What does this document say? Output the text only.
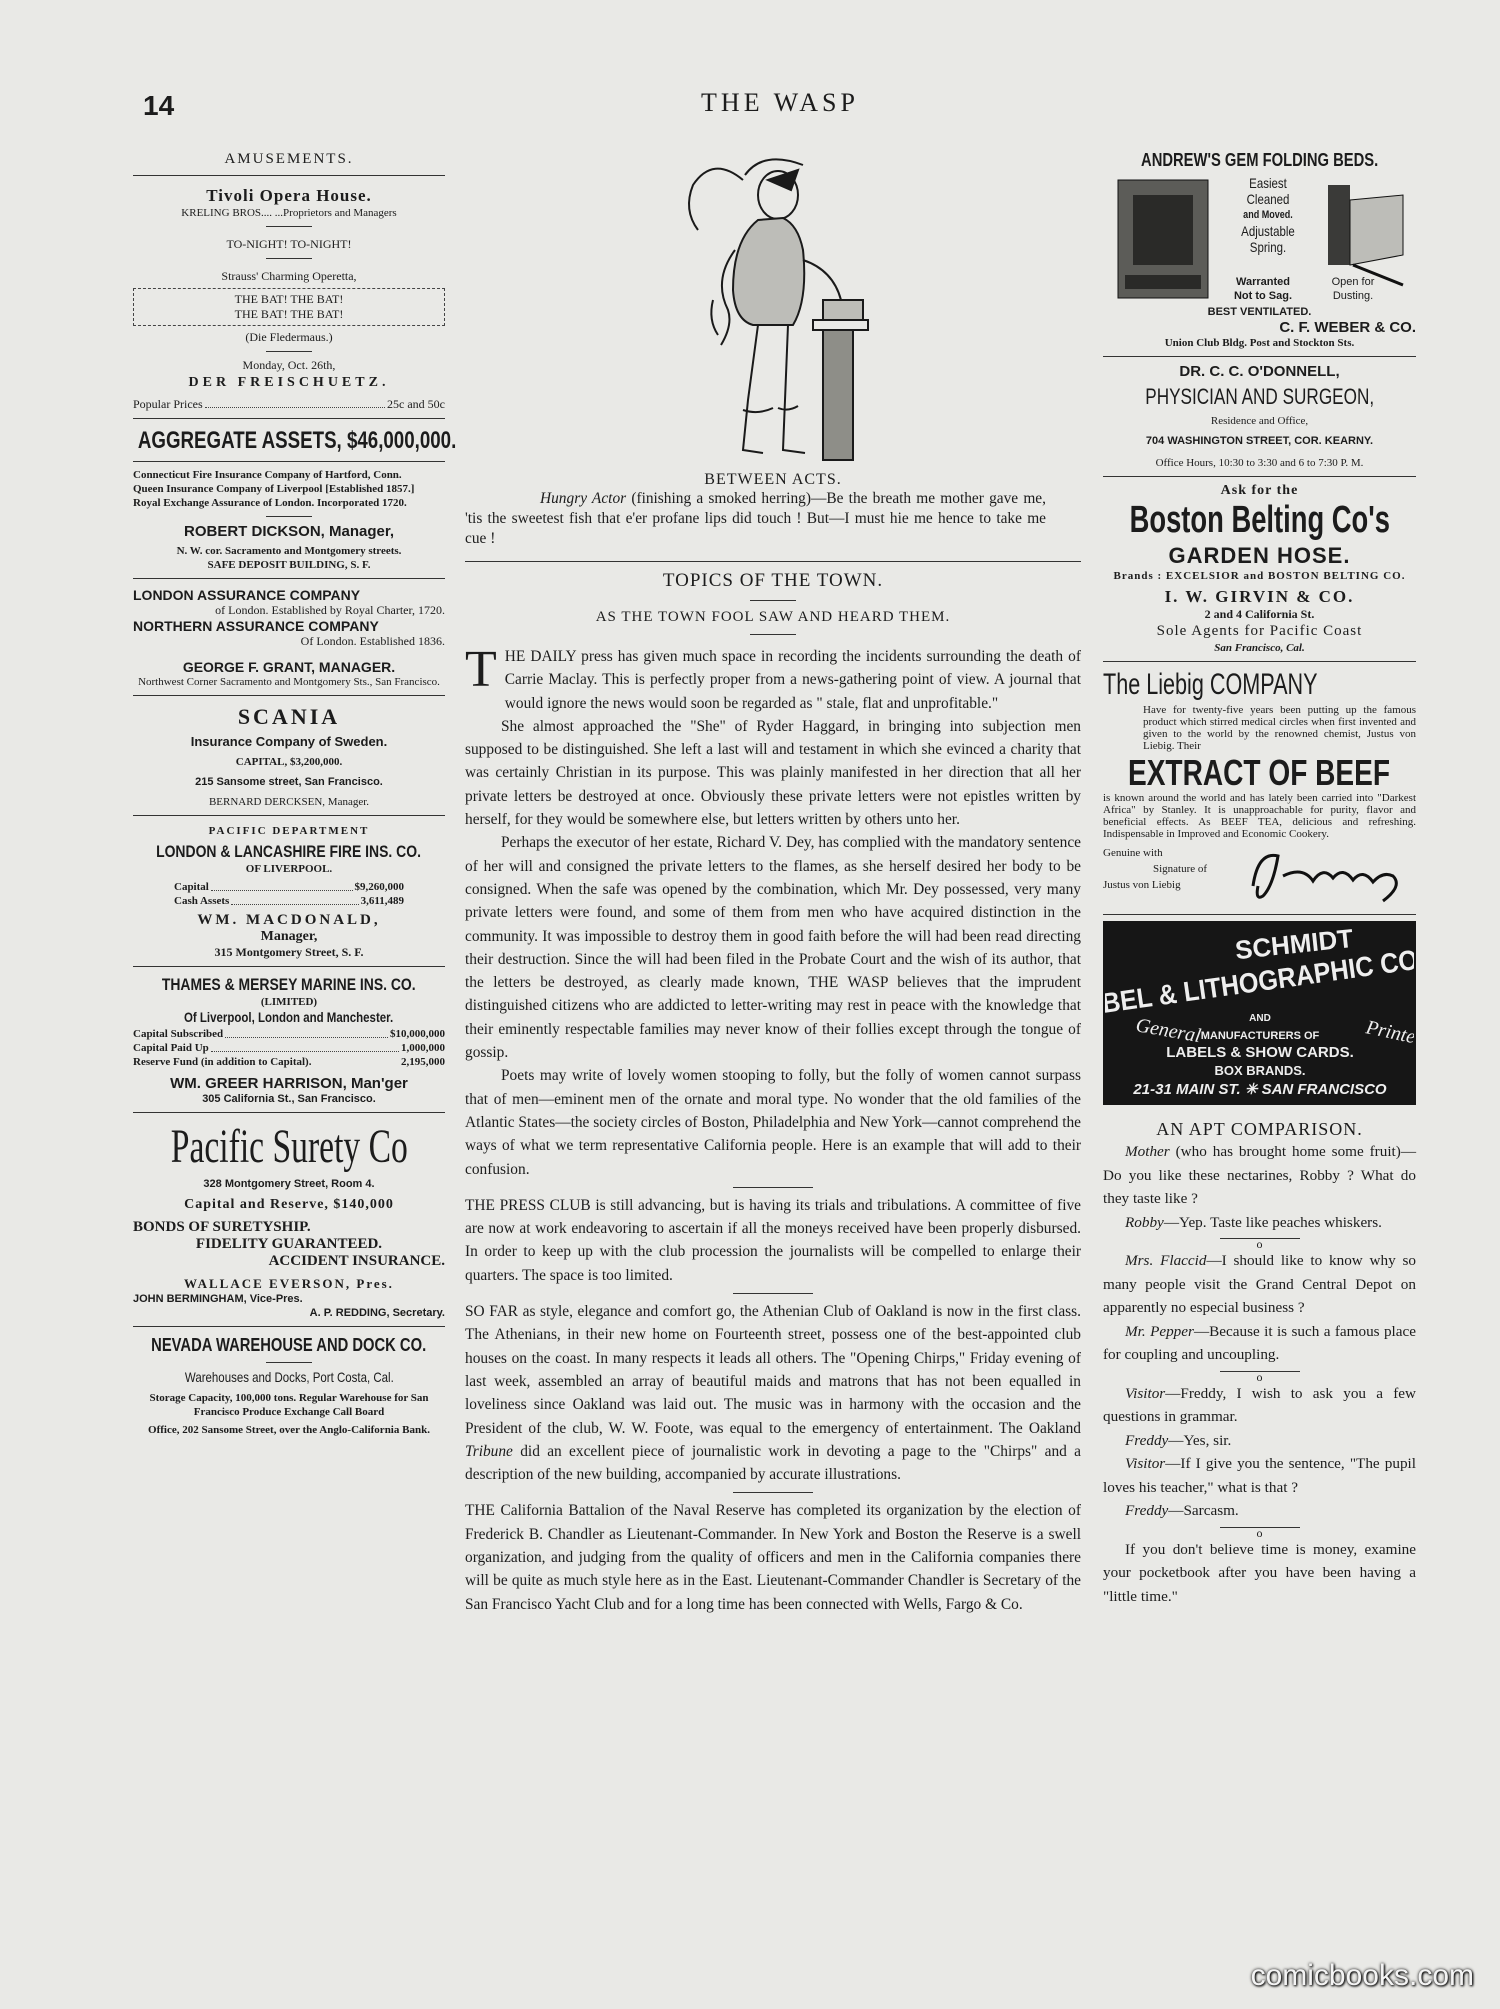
14	THE WASP
AMUSEMENTS.
Tivoli Opera House.
KRELING BROS.... ...Proprietors and Managers
TO-NIGHT! TO-NIGHT!
Strauss' Charming Operetta,
THE BAT! THE BAT!
THE BAT! THE BAT!
(Die Fledermaus.)
Monday, Oct. 26th,
DER FREISCHUETZ.
Popular Prices	25c and 50c
AGGREGATE ASSETS, $46,000,000.
Connecticut Fire Insurance Company of Hartford, Conn.
Queen Insurance Company of Liverpool [Established 1857.]
Royal Exchange Assurance of London. Incorporated 1720.
ROBERT DICKSON, Manager,
N. W. cor. Sacramento and Montgomery streets.
SAFE DEPOSIT BUILDING, S. F.
LONDON ASSURANCE COMPANY
of London. Established by Royal Charter, 1720.
NORTHERN ASSURANCE COMPANY
Of London. Established 1836.
GEORGE F. GRANT, MANAGER.
Northwest Corner Sacramento and Montgomery Sts., San Francisco.
SCANIA
Insurance Company of Sweden.
CAPITAL, $3,200,000.
215 Sansome street, San Francisco.
BERNARD DERCKSEN, Manager.
PACIFIC DEPARTMENT
LONDON & LANCASHIRE FIRE INS. CO.
OF LIVERPOOL.
Capital	$9,260,000
Cash Assets	3,611,489
WM. MACDONALD,
Manager,
315 Montgomery Street, S. F.
THAMES & MERSEY MARINE INS. CO.
(LIMITED)
Of Liverpool, London and Manchester.
Capital Subscribed	$10,000,000
Capital Paid Up	1,000,000
Reserve Fund (in addition to Capital).	2,195,000
WM. GREER HARRISON, Man'ger
305 California St., San Francisco.
Pacific Surety Co
328 Montgomery Street, Room 4.
Capital and Reserve, $140,000
BONDS OF SURETYSHIP.
FIDELITY GUARANTEED.
ACCIDENT INSURANCE.
WALLACE EVERSON, Pres.
JOHN BERMINGHAM, Vice-Pres.
A. P. REDDING, Secretary.
NEVADA WAREHOUSE AND DOCK CO.
Warehouses and Docks, Port Costa, Cal.
Storage Capacity, 100,000 tons. Regular Warehouse for San Francisco Produce Exchange Call Board
Office, 202 Sansome Street, over the Anglo-California Bank.
BETWEEN ACTS.
Hungry Actor (finishing a smoked herring)—Be the breath me mother gave me, 'tis the sweetest fish that e'er profane lips did touch ! But—I must hie me hence to take me cue !
TOPICS OF THE TOWN.
AS THE TOWN FOOL SAW AND HEARD THEM.

THE DAILY press has given much space in recording the incidents surrounding the death of Carrie Maclay. This is perfectly proper from a news-gathering point of view. A journal that would ignore the news would soon be regarded as " stale, flat and unprofitable."

She almost approached the "She" of Ryder Haggard, in bringing into subjection men supposed to be distinguished. She left a last will and testament in which she evinced a charity that was certainly Christian in its purpose. This was plainly manifested in her direction that all her private letters be destroyed at once. Obviously these private letters were not epistles written by herself, for they would be somewhere else, but letters written by others unto her.

Perhaps the executor of her estate, Richard V. Dey, has complied with the mandatory sentence of her will and consigned the private letters to the flames, as she herself desired her body to be consigned. When the safe was opened by the combination, which Mr. Dey possessed, very many private letters were found, and some of them from men who have acquired distinction in the community. It was impossible to destroy them in good faith before the will had been read directing their destruction. Since the will had been filed in the Probate Court and the wish of its author, that the letters be destroyed, as clearly made known, THE WASP believes that the imprudent distinguished citizens who are addicted to letter-writing may rest in peace with the knowledge that their eminently respectable families may never know of their follies except through the tongue of gossip.

Poets may write of lovely women stooping to folly, but the folly of women cannot surpass that of men—eminent men of the ornate and moral type. No wonder that the old families of the Atlantic States—the society circles of Boston, Philadelphia and New York—cannot comprehend the ways of what we term representative California people. Here is an example that will add to their confusion.

THE PRESS CLUB is still advancing, but is having its trials and tribulations. A committee of five are now at work endeavoring to ascertain if all the moneys received have been properly disbursed. In order to keep up with the club procession the journalists will be compelled to enlarge their quarters. The space is too limited.

SO FAR as style, elegance and comfort go, the Athenian Club of Oakland is now in the first class. The Athenians, in their new home on Fourteenth street, possess one of the best-appointed club houses on the coast. In many respects it leads all others. The "Opening Chirps," Friday evening of last week, assembled an array of beautiful maids and matrons that has not been equalled in loveliness since Oakland was laid out. The music was in harmony with the occasion and the President of the club, W. W. Foote, was equal to the emergency of entertainment. The Oakland Tribune did an excellent piece of journalistic work in devoting a page to the "Chirps" and a description of the new building, accompanied by accurate illustrations.

THE California Battalion of the Naval Reserve has completed its organization by the election of Frederick B. Chandler as Lieutenant-Commander. In New York and Boston the Reserve is a swell organization, and judging from the quality of officers and men in the California companies there will be quite as much style here as in the East. Lieutenant-Commander Chandler is Secretary of the San Francisco Yacht Club and for a long time has been connected with Wells, Fargo & Co.

ANDREW'S GEM FOLDING BEDS.
Easiest
Cleaned
and Moved.
Adjustable
Spring.
Warranted
Not to Sag.
Open for
Dusting.
BEST VENTILATED.
C. F. WEBER & CO.
Union Club Bldg. Post and Stockton Sts.
DR. C. C. O'DONNELL,
PHYSICIAN AND SURGEON,
Residence and Office,
704 WASHINGTON STREET, COR. KEARNY.
Office Hours, 10:30 to 3:30 and 6 to 7:30 P. M.
Ask for the
Boston Belting Co's
GARDEN HOSE.
Brands : EXCELSIOR and BOSTON BELTING CO.
I. W. GIRVIN & CO.
2 and 4 California St.
Sole Agents for Pacific Coast
San Francisco, Cal.
The Liebig COMPANY
Have for twenty-five years been putting up the famous product which stirred medical circles when first invented and given to the world by the renowned chemist, Justus von Liebig. Their
EXTRACT OF BEEF
is known around the world and has lately been carried into "Darkest Africa" by Stanley. It is unapproachable for purity, flavor and beneficial effects. As BEEF TEA, delicious and refreshing. Indispensable in Improved and Economic Cookery.
Genuine with
Signature of
Justus von Liebig
SCHMIDT
LABEL & LITHOGRAPHIC CO
General	AND	Printers
MANUFACTURERS OF
LABELS & SHOW CARDS.
BOX BRANDS.
21-31 MAIN ST. ✳ SAN FRANCISCO
AN APT COMPARISON.

Mother (who has brought home some fruit)—Do you like these nectarines, Robby ? What do they taste like ?

Robby—Yep. Taste like peaches whiskers.

o

Mrs. Flaccid—I should like to know why so many people visit the Grand Central Depot on apparently no especial business ?

Mr. Pepper—Because it is such a famous place for coupling and uncoupling.

o

Visitor—Freddy, I wish to ask you a few questions in grammar.

Freddy—Yes, sir.

Visitor—If I give you the sentence, "The pupil loves his teacher," what is that ?

Freddy—Sarcasm.

o

If you don't believe time is money, examine your pocketbook after you have been having a "little time."

comicbooks.com
